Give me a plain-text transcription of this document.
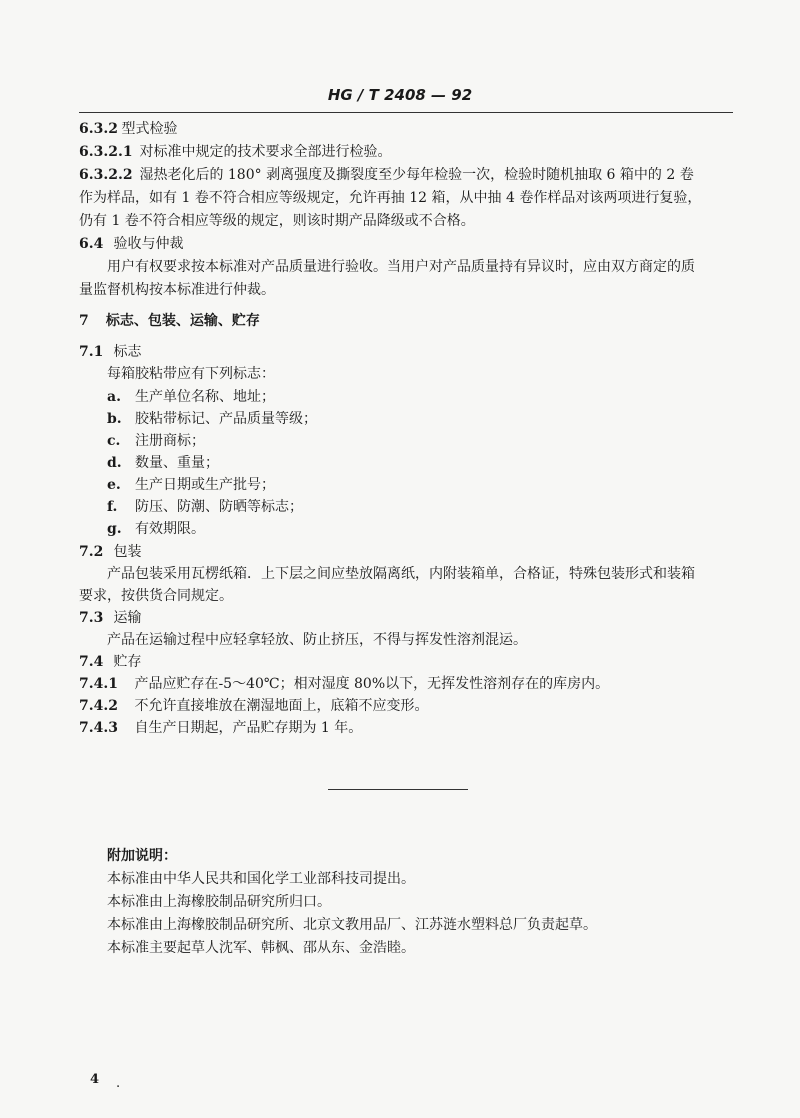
HG / T 2408 — 92
6.3.2 型式检验
6.3.2.1 对标准中规定的技术要求全部进行检验。
6.3.2.2 湿热老化后的 180° 剥离强度及撕裂度至少每年检验一次，检验时随机抽取 6 箱中的 2 卷
作为样品，如有 1 卷不符合相应等级规定，允许再抽 12 箱，从中抽 4 卷作样品对该两项进行复验，
仍有 1 卷不符合相应等级的规定，则该时期产品降级或不合格。
6.4 验收与仲裁
用户有权要求按本标准对产品质量进行验收。当用户对产品质量持有异议时，应由双方商定的质
量监督机构按本标准进行仲裁。
7 标志、包装、运输、贮存
7.1 标志
每箱胶粘带应有下列标志：
a. 生产单位名称、地址；
b. 胶粘带标记、产品质量等级；
c. 注册商标；
d. 数量、重量；
e. 生产日期或生产批号；
f. 防压、防潮、防晒等标志；
g. 有效期限。
7.2 包装
产品包装采用瓦楞纸箱．上下层之间应垫放隔离纸，内附装箱单，合格证，特殊包装形式和装箱
要求，按供货合同规定。
7.3 运输
产品在运输过程中应轻拿轻放、防止挤压，不得与挥发性溶剂混运。
7.4 贮存
7.4.1 产品应贮存在-5～40℃；相对湿度 80%以下，无挥发性溶剂存在的库房内。
7.4.2 不允许直接堆放在潮湿地面上，底箱不应变形。
7.4.3 自生产日期起，产品贮存期为 1 年。
附加说明：
本标准由中华人民共和国化学工业部科技司提出。
本标准由上海橡胶制品研究所归口。
本标准由上海橡胶制品研究所、北京文教用品厂、江苏涟水塑料总厂负责起草。
本标准主要起草人沈军、韩枫、邵从东、金浩睦。
4 .
